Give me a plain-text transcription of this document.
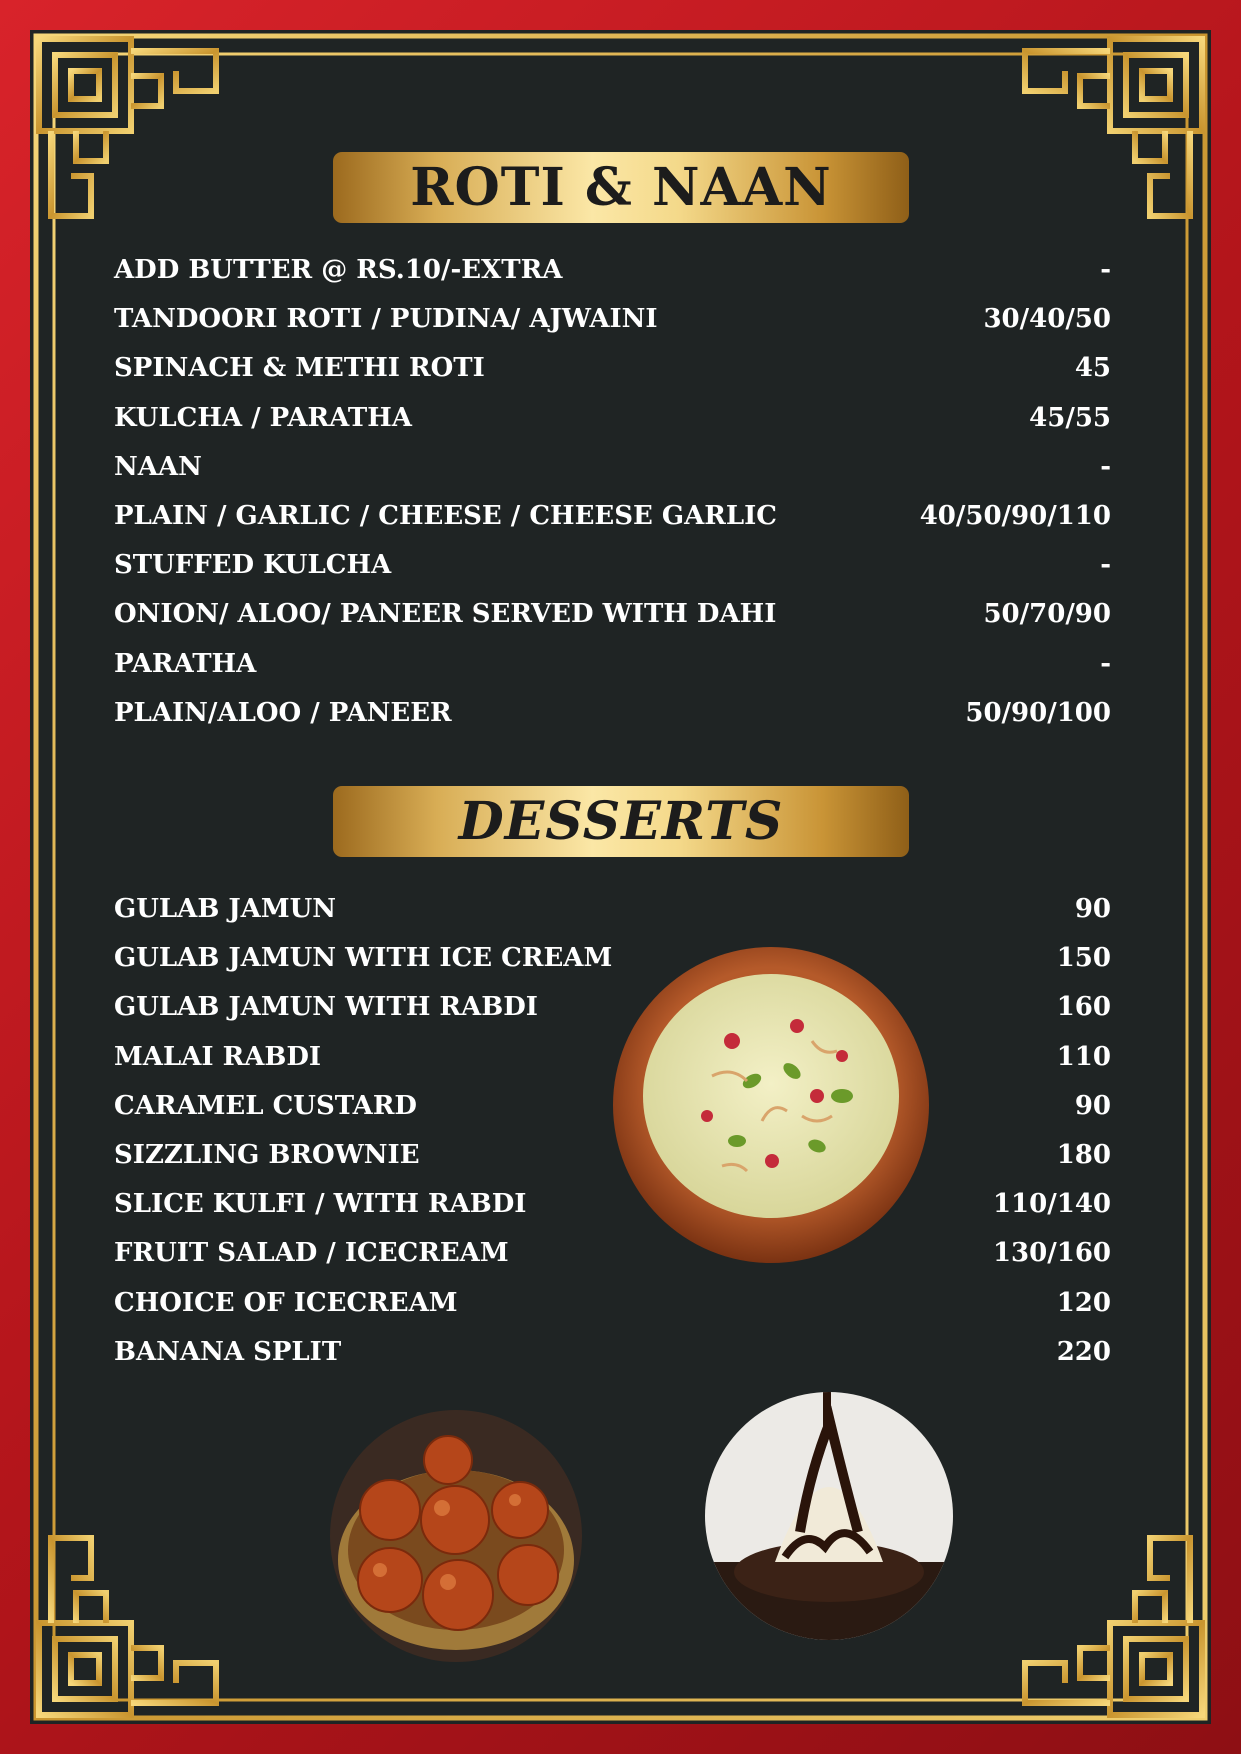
ROTI & NAAN
ADD BUTTER @ RS.10/-EXTRA	-
TANDOORI ROTI / PUDINA/ AJWAINI	30/40/50
SPINACH & METHI ROTI	45
KULCHA / PARATHA	45/55
NAAN	-
PLAIN / GARLIC / CHEESE / CHEESE GARLIC	40/50/90/110
STUFFED KULCHA	-
ONION/ ALOO/ PANEER SERVED WITH DAHI	50/70/90
PARATHA	-
PLAIN/ALOO / PANEER	50/90/100
DESSERTS
GULAB JAMUN	90
GULAB JAMUN WITH ICE CREAM	150
GULAB JAMUN WITH RABDI	160
MALAI RABDI	110
CARAMEL CUSTARD	90
SIZZLING BROWNIE	180
SLICE KULFI / WITH RABDI	110/140
FRUIT SALAD / ICECREAM	130/160
CHOICE OF ICECREAM	120
BANANA SPLIT	220
